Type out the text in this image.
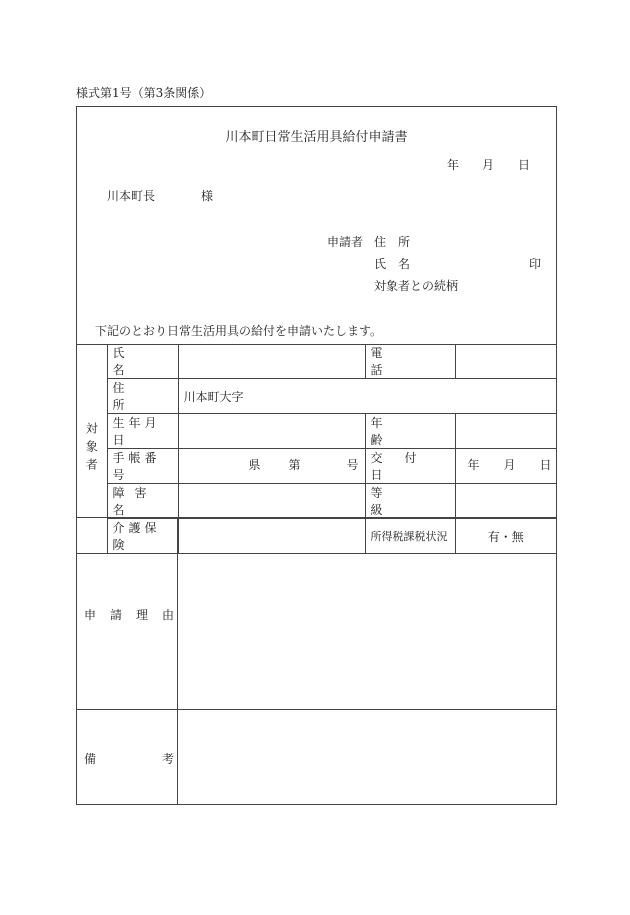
様式第1号（第3条関係）
川本町日常生活用具給付申請書
年 月 日
川本町長	様
申請者 住　所
氏　名	印
対象者との続柄
下記のとおり日常生活用具の給付を申請いたします。
対象者	氏名		電話	
	住所	川本町大字		
	生年月日		年齢	
	手帳番号	県 第 号	交付日	年 月 日

	障害名		等級	
	介護保険		所得税課税状況	有・無
申請理由
備考
